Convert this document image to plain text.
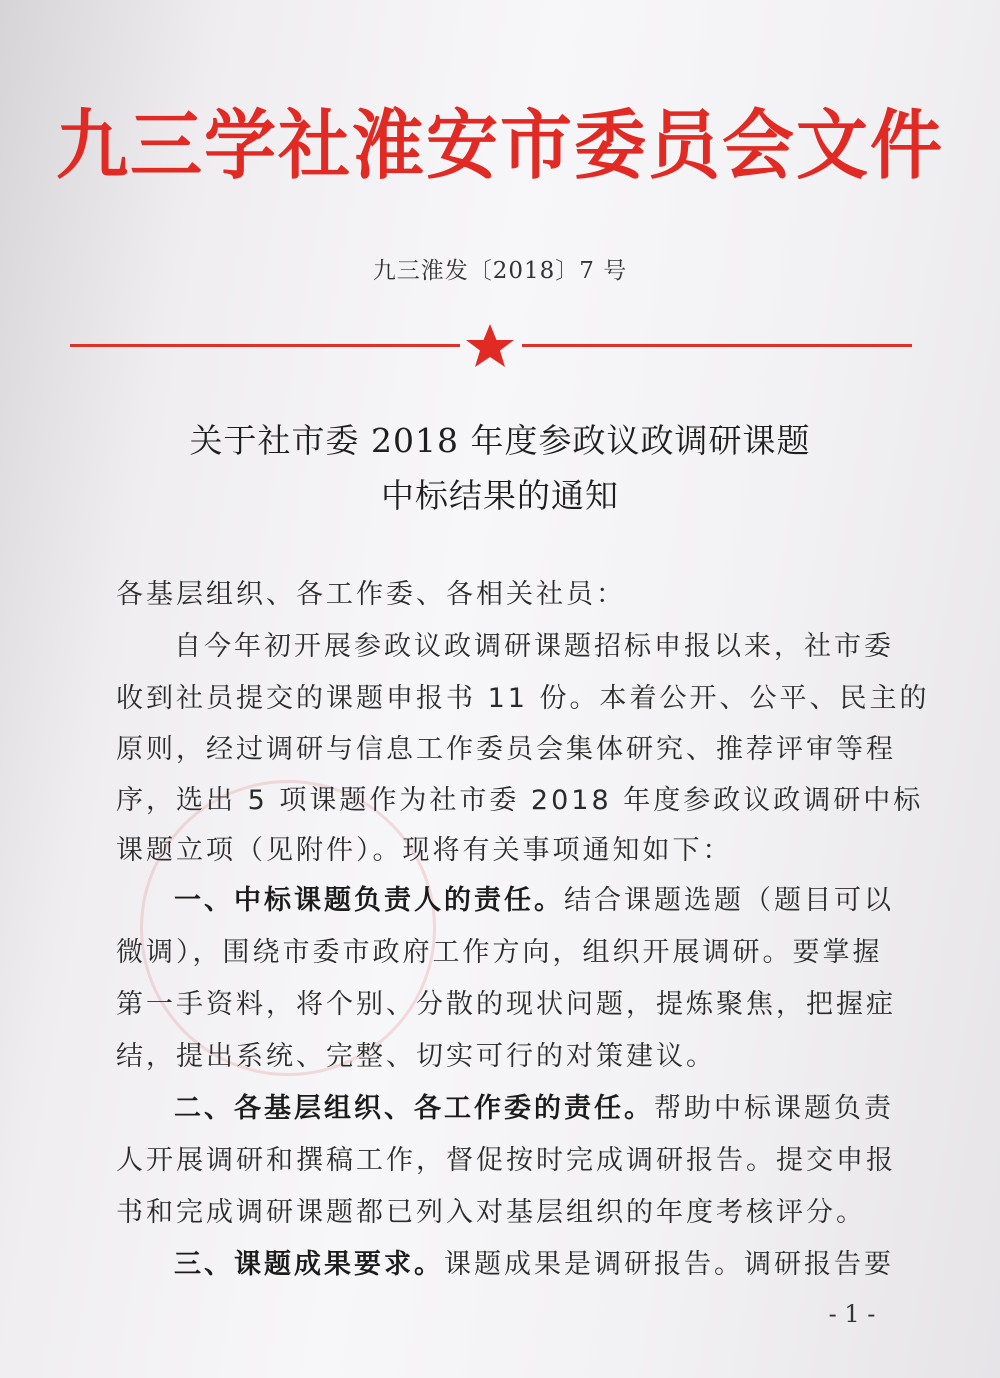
九三学社淮安市委员会文件
九三淮发〔2018〕7 号
关于社市委 2018 年度参政议政调研课题
中标结果的通知
各基层组织、各工作委、各相关社员：
自今年初开展参政议政调研课题招标申报以来，社市委
收到社员提交的课题申报书 11 份。本着公开、公平、民主的
原则，经过调研与信息工作委员会集体研究、推荐评审等程
序，选出 5 项课题作为社市委 2018 年度参政议政调研中标
课题立项（见附件）。现将有关事项通知如下：
一、中标课题负责人的责任。结合课题选题（题目可以
微调），围绕市委市政府工作方向，组织开展调研。要掌握
第一手资料，将个别、分散的现状问题，提炼聚焦，把握症
结，提出系统、完整、切实可行的对策建议。
二、各基层组织、各工作委的责任。帮助中标课题负责
人开展调研和撰稿工作，督促按时完成调研报告。提交申报
书和完成调研课题都已列入对基层组织的年度考核评分。
三、课题成果要求。课题成果是调研报告。调研报告要
- 1 -
